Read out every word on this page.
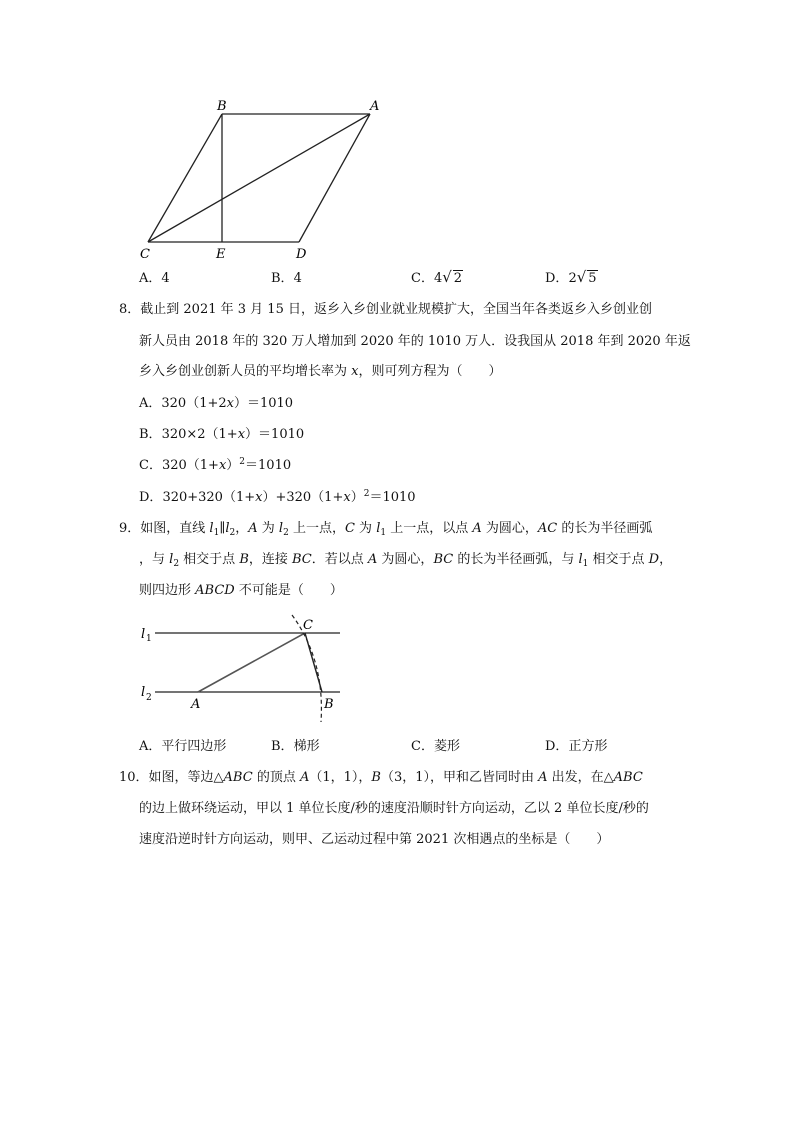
B	A
C	E	D
A．4	B．4	C．4√ 2	D．2√ 5
8．截止到 2021 年 3 月 15 日，返乡入乡创业就业规模扩大，全国当年各类返乡入乡创业创
新人员由 2018 年的 320 万人增加到 2020 年的 1010 万人．设我国从 2018 年到 2020 年返
乡入乡创业创新人员的平均增长率为 x，则可列方程为（　　）
A．320（1+2x）＝1010
B．320×2（1+x）＝1010
C．$320(1+x)^2=1010$
D．$320+320(1+x)+320(1+x)^2=1010$
9．如图，直线 $l_1\parallel l_2$，A 为 $l_2$ 上一点，C 为 $l_1$ 上一点，以点 A 为圆心，AC 的长为半径画弧
，与 $l_2$ 相交于点 B，连接 BC．若以点 A 为圆心，BC 的长为半径画弧，与 $l_1$ 相交于点 D，
则四边形 ABCD 不可能是（　　）
l 1
l 2
C
A	B
A．平行四边形	B．梯形	C．菱形	D．正方形
10．如图，等边△ABC 的顶点 A（1，1），B（3，1），甲和乙皆同时由 A 出发，在△ABC
的边上做环绕运动，甲以 1 单位长度/秒的速度沿顺时针方向运动，乙以 2 单位长度/秒的
速度沿逆时针方向运动，则甲、乙运动过程中第 2021 次相遇点的坐标是（　　）
